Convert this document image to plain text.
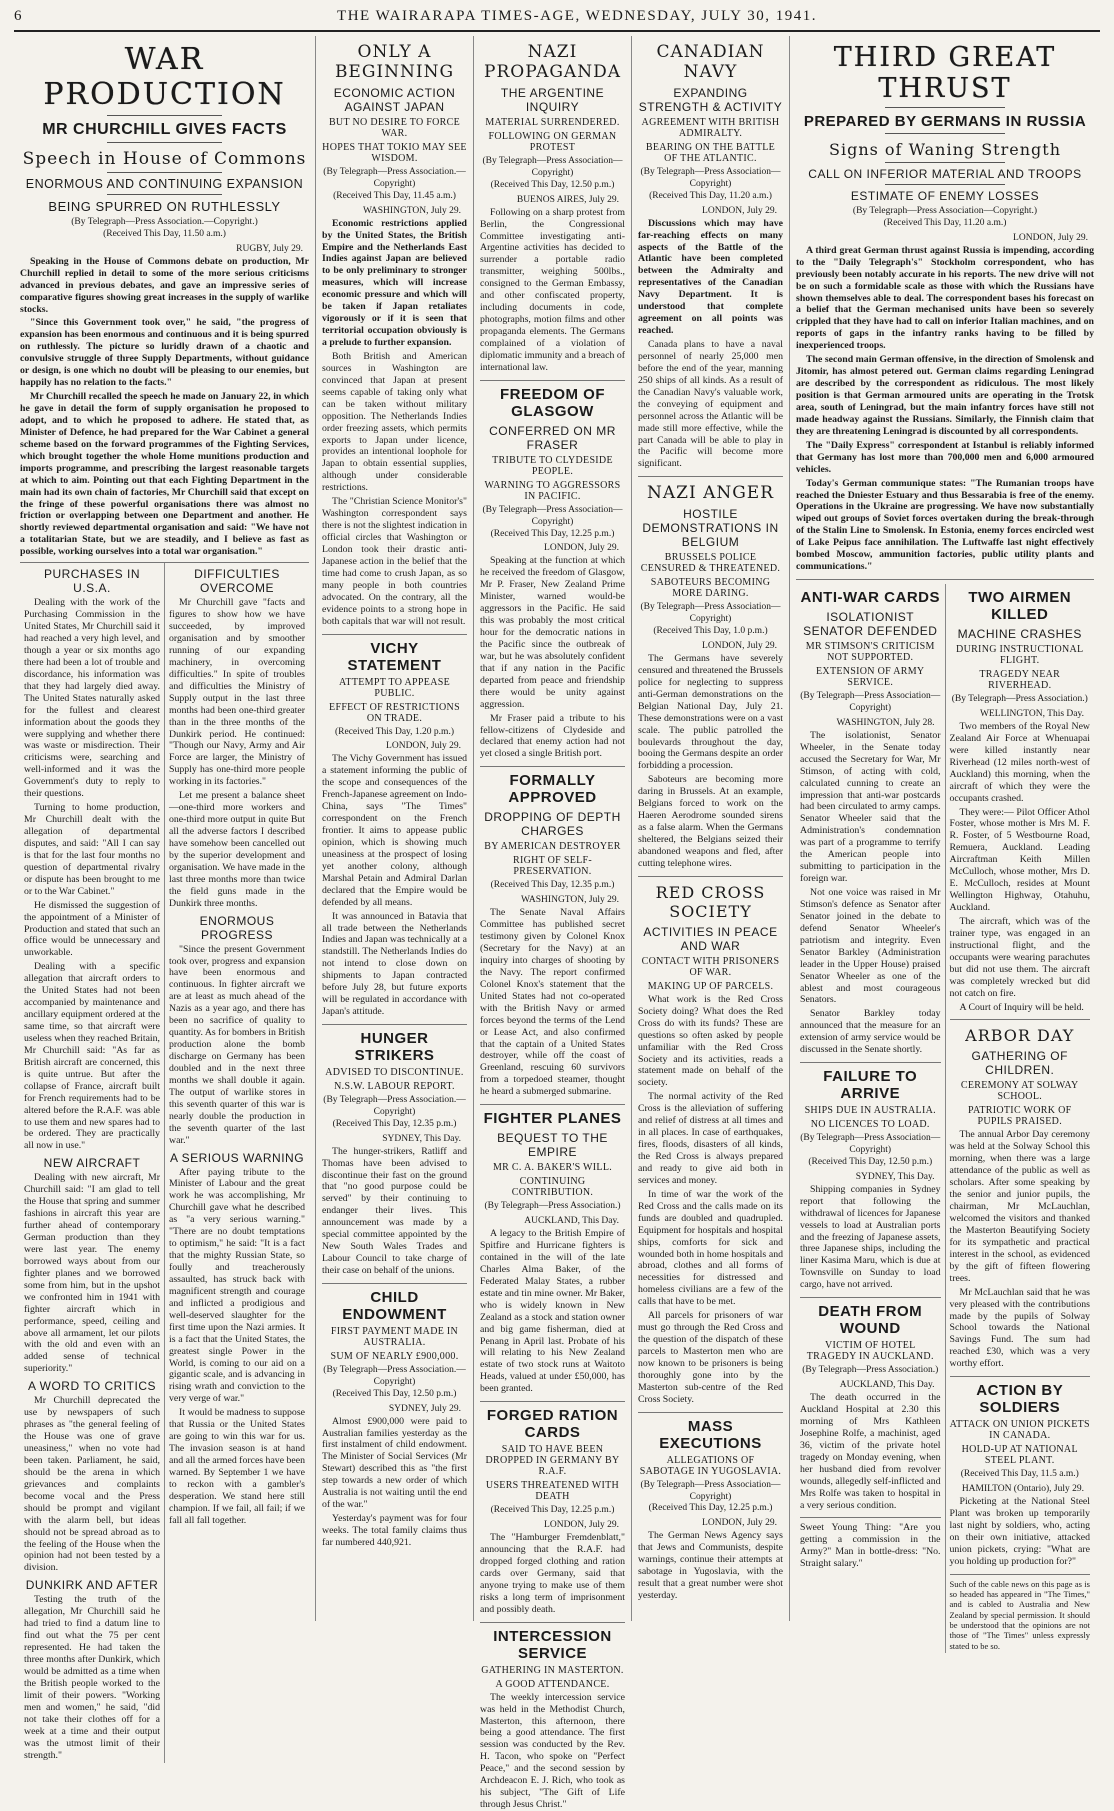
6	THE WAIRARAPA TIMES-AGE, WEDNESDAY, JULY 30, 1941.
WAR PRODUCTION
MR CHURCHILL GIVES FACTS
Speech in House of Commons
ENORMOUS AND CONTINUING EXPANSION
BEING SPURRED ON RUTHLESSLY
(By Telegraph—Press Association.—Copyright.)
(Received This Day, 11.50 a.m.)
RUGBY, July 29.

Speaking in the House of Commons debate on production, Mr Churchill replied in detail to some of the more serious criticisms advanced in previous debates, and gave an impressive series of comparative figures showing great increases in the supply of warlike stocks.

"Since this Government took over," he said, "the progress of expansion has been enormous and continuous and it is being spurred on ruthlessly. The picture so luridly drawn of a chaotic and convulsive struggle of three Supply Departments, without guidance or design, is one which no doubt will be pleasing to our enemies, but happily has no relation to the facts."

Mr Churchill recalled the speech he made on January 22, in which he gave in detail the form of supply organisation he proposed to adopt, and to which he proposed to adhere. He stated that, as Minister of Defence, he had prepared for the War Cabinet a general scheme based on the forward programmes of the Fighting Services, which brought together the whole Home munitions production and imports programme, and prescribing the largest reasonable targets at which to aim. Pointing out that each Fighting Department in the main had its own chain of factories, Mr Churchill said that except on the fringe of these powerful organisations there was almost no friction or overlapping between one Department and another. He shortly reviewed departmental organisation and said: "We have not a totalitarian State, but we are steadily, and I believe as fast as possible, working ourselves into a total war organisation."

PURCHASES IN U.S.A.

Dealing with the work of the Purchasing Commission in the United States, Mr Churchill said it had reached a very high level, and though a year or six months ago there had been a lot of trouble and discordance, his information was that they had largely died away. The United States naturally asked for the fullest and clearest information about the goods they were supplying and whether there was waste or misdirection. Their criticisms were, searching and well-informed and it was the Government's duty to reply to their questions.

Turning to home production, Mr Churchill dealt with the allegation of departmental disputes, and said: "All I can say is that for the last four months no question of departmental rivalry or dispute has been brought to me or to the War Cabinet."

He dismissed the suggestion of the appointment of a Minister of Production and stated that such an office would be unnecessary and unworkable.

Dealing with a specific allegation that aircraft orders to the United States had not been accompanied by maintenance and ancillary equipment ordered at the same time, so that aircraft were useless when they reached Britain, Mr Churchill said: "As far as British aircraft are concerned, this is quite untrue. But after the collapse of France, aircraft built for French requirements had to be altered before the R.A.F. was able to use them and new spares had to be ordered. They are practically all now in use."

NEW AIRCRAFT

Dealing with new aircraft, Mr Churchill said: "I am glad to tell the House that spring and summer fashions in aircraft this year are further ahead of contemporary German production than they were last year. The enemy borrowed ways about from our fighter planes and we borrowed some from him, but in the upshot we confronted him in 1941 with fighter aircraft which in performance, speed, ceiling and above all armament, let our pilots with the old and even with an added sense of technical superiority."

A WORD TO CRITICS

Mr Churchill deprecated the use by newspapers of such phrases as "the general feeling of the House was one of grave uneasiness," when no vote had been taken. Parliament, he said, should be the arena in which grievances and complaints become vocal and the Press should be prompt and vigilant with the alarm bell, but ideas should not be spread abroad as to the feeling of the House when the opinion had not been tested by a division.

DUNKIRK AND AFTER

Testing the truth of the allegation, Mr Churchill said he had tried to find a datum line to find out what the 75 per cent represented. He had taken the three months after Dunkirk, which would be admitted as a time when the British people worked to the limit of their powers. "Working men and women," he said, "did not take their clothes off for a week at a time and their output was the utmost limit of their strength."

DIFFICULTIES OVERCOME

Mr Churchill gave "facts and figures to show how we have succeeded, by improved organisation and by smoother running of our expanding machinery, in overcoming difficulties." In spite of troubles and difficulties the Ministry of Supply output in the last three months had been one-third greater than in the three months of the Dunkirk period. He continued: "Though our Navy, Army and Air Force are larger, the Ministry of Supply has one-third more people working in its factories."

Let me present a balance sheet—one-third more workers and one-third more output in quite But all the adverse factors I described have somehow been cancelled out by the superior development and organisation. We have made in the last three months more than twice the field guns made in the Dunkirk three months.

ENORMOUS PROGRESS

"Since the present Government took over, progress and expansion have been enormous and continuous. In fighter aircraft we are at least as much ahead of the Nazis as a year ago, and there has been no sacrifice of quality to quantity. As for bombers in British production alone the bomb discharge on Germany has been doubled and in the next three months we shall double it again. The output of warlike stores in this seventh quarter of this war is nearly double the production in the seventh quarter of the last war."

A SERIOUS WARNING

After paying tribute to the Minister of Labour and the great work he was accomplishing, Mr Churchill gave what he described as "a very serious warning." "There are no doubt temptations to optimism," he said: "It is a fact that the mighty Russian State, so foully and treacherously assaulted, has struck back with magnificent strength and courage and inflicted a prodigious and well-deserved slaughter for the first time upon the Nazi armies. It is a fact that the United States, the greatest single Power in the World, is coming to our aid on a gigantic scale, and is advancing in rising wrath and conviction to the very verge of war."

It would be madness to suppose that Russia or the United States are going to win this war for us. The invasion season is at hand and all the armed forces have been warned. By September 1 we have to reckon with a gambler's desperation. We stand here still champion. If we fail, all fail; if we fall all fall together.

ONLY A BEGINNING
ECONOMIC ACTION AGAINST JAPAN
BUT NO DESIRE TO FORCE WAR.
HOPES THAT TOKIO MAY SEE WISDOM.
(By Telegraph—Press Association.—Copyright)
(Received This Day, 11.45 a.m.)
WASHINGTON, July 29.

Economic restrictions applied by the United States, the British Empire and the Netherlands East Indies against Japan are believed to be only preliminary to stronger measures, which will increase economic pressure and which will be taken if Japan retaliates vigorously or if it is seen that territorial occupation obviously is a prelude to further expansion.

Both British and American sources in Washington are convinced that Japan at present seems capable of taking only what can be taken without military opposition. The Netherlands Indies order freezing assets, which permits exports to Japan under licence, provides an intentional loophole for Japan to obtain essential supplies, although under considerable restrictions.

The "Christian Science Monitor's" Washington correspondent says there is not the slightest indication in official circles that Washington or London took their drastic anti-Japanese action in the belief that the time had come to crush Japan, as so many people in both countries advocated. On the contrary, all the evidence points to a strong hope in both capitals that war will not result.

VICHY STATEMENT
ATTEMPT TO APPEASE PUBLIC.
EFFECT OF RESTRICTIONS ON TRADE.
(Received This Day, 1.20 p.m.)
LONDON, July 29.

The Vichy Government has issued a statement informing the public of the scope and consequences of the French-Japanese agreement on Indo-China, says "The Times" correspondent on the French frontier. It aims to appease public opinion, which is showing much uneasiness at the prospect of losing yet another colony, although Marshal Petain and Admiral Darlan declared that the Empire would be defended by all means.

It was announced in Batavia that all trade between the Netherlands Indies and Japan was technically at a standstill. The Netherlands Indies do not intend to close down on shipments to Japan contracted before July 28, but future exports will be regulated in accordance with Japan's attitude.

HUNGER STRIKERS
ADVISED TO DISCONTINUE.
N.S.W. LABOUR REPORT.
(By Telegraph—Press Association.—Copyright)
(Received This Day, 12.35 p.m.)
SYDNEY, This Day.

The hunger-strikers, Ratliff and Thomas have been advised to discontinue their fast on the ground that "no good purpose could be served" by their continuing to endanger their lives. This announcement was made by a special committee appointed by the New South Wales Trades and Labour Council to take charge of their case on behalf of the unions.

CHILD ENDOWMENT
FIRST PAYMENT MADE IN AUSTRALIA.
SUM OF NEARLY £900,000.
(By Telegraph—Press Association.—Copyright)
(Received This Day, 12.50 p.m.)
SYDNEY, July 29.

Almost £900,000 were paid to Australian families yesterday as the first instalment of child endowment. The Minister of Social Services (Mr Stewart) described this as "the first step towards a new order of which Australia is not waiting until the end of the war."

Yesterday's payment was for four weeks. The total family claims thus far numbered 440,921.

NAZI PROPAGANDA
THE ARGENTINE INQUIRY
MATERIAL SURRENDERED.
FOLLOWING ON GERMAN PROTEST
(By Telegraph—Press Association—Copyright)
(Received This Day, 12.50 p.m.)
BUENOS AIRES, July 29.

Following on a sharp protest from Berlin, the Congressional Committee investigating anti-Argentine activities has decided to surrender a portable radio transmitter, weighing 500lbs., consigned to the German Embassy, and other confiscated property, including documents in code, photographs, motion films and other propaganda elements. The Germans complained of a violation of diplomatic immunity and a breach of international law.

FREEDOM OF GLASGOW
CONFERRED ON MR FRASER
TRIBUTE TO CLYDESIDE PEOPLE.
WARNING TO AGGRESSORS IN PACIFIC.
(By Telegraph—Press Association—Copyright)
(Received This Day, 12.25 p.m.)
LONDON, July 29.

Speaking at the function at which he received the freedom of Glasgow, Mr P. Fraser, New Zealand Prime Minister, warned would-be aggressors in the Pacific. He said this was probably the most critical hour for the democratic nations in the Pacific since the outbreak of war, but he was absolutely confident that if any nation in the Pacific departed from peace and friendship there would be unity against aggression.

Mr Fraser paid a tribute to his fellow-citizens of Clydeside and declared that enemy action had not yet closed a single British port.

FORMALLY APPROVED
DROPPING OF DEPTH CHARGES
BY AMERICAN DESTROYER
RIGHT OF SELF-PRESERVATION.
(Received This Day, 12.35 p.m.)
WASHINGTON, July 29.

The Senate Naval Affairs Committee has published secret testimony given by Colonel Knox (Secretary for the Navy) at an inquiry into charges of shooting by the Navy. The report confirmed Colonel Knox's statement that the United States had not co-operated with the British Navy or armed forces beyond the terms of the Lend or Lease Act, and also confirmed that the captain of a United States destroyer, while off the coast of Greenland, rescuing 60 survivors from a torpedoed steamer, thought he heard a submerged submarine.

FIGHTER PLANES
BEQUEST TO THE EMPIRE
MR C. A. BAKER'S WILL.
CONTINUING CONTRIBUTION.
(By Telegraph—Press Association.)
AUCKLAND, This Day.

A legacy to the British Empire of Spitfire and Hurricane fighters is contained in the will of the late Charles Alma Baker, of the Federated Malay States, a rubber estate and tin mine owner. Mr Baker, who is widely known in New Zealand as a stock and station owner and big game fisherman, died at Penang in April last. Probate of his will relating to his New Zealand estate of two stock runs at Waitoto Heads, valued at under £50,000, has been granted.

FORGED RATION CARDS
SAID TO HAVE BEEN DROPPED IN GERMANY BY R.A.F.
USERS THREATENED WITH DEATH
(Received This Day, 12.25 p.m.)
LONDON, July 29.

The "Hamburger Fremdenblatt," announcing that the R.A.F. had dropped forged clothing and ration cards over Germany, said that anyone trying to make use of them risks a long term of imprisonment and possibly death.

INTERCESSION SERVICE
GATHERING IN MASTERTON.
A GOOD ATTENDANCE.

The weekly intercession service was held in the Methodist Church, Masterton, this afternoon, there being a good attendance. The first session was conducted by the Rev. H. Tacon, who spoke on "Perfect Peace," and the second session by Archdeacon E. J. Rich, who took as his subject, "The Gift of Life through Jesus Christ."

CANADIAN NAVY
EXPANDING STRENGTH & ACTIVITY
AGREEMENT WITH BRITISH ADMIRALTY.
BEARING ON THE BATTLE OF THE ATLANTIC.
(By Telegraph—Press Association—Copyright)
(Received This Day, 11.20 a.m.)
LONDON, July 29.

Discussions which may have far-reaching effects on many aspects of the Battle of the Atlantic have been completed between the Admiralty and representatives of the Canadian Navy Department. It is understood that complete agreement on all points was reached.

Canada plans to have a naval personnel of nearly 25,000 men before the end of the year, manning 250 ships of all kinds. As a result of the Canadian Navy's valuable work, the conveying of equipment and personnel across the Atlantic will be made still more effective, while the part Canada will be able to play in the Pacific will become more significant.

NAZI ANGER
HOSTILE DEMONSTRATIONS IN BELGIUM
BRUSSELS POLICE CENSURED & THREATENED.
SABOTEURS BECOMING MORE DARING.
(By Telegraph—Press Association—Copyright)
(Received This Day, 1.0 p.m.)
LONDON, July 29.

The Germans have severely censured and threatened the Brussels police for neglecting to suppress anti-German demonstrations on the Belgian National Day, July 21. These demonstrations were on a vast scale. The public patrolled the boulevards throughout the day, booing the Germans despite an order forbidding a procession.

Saboteurs are becoming more daring in Brussels. At an example, Belgians forced to work on the Haeren Aerodrome sounded sirens as a false alarm. When the Germans sheltered, the Belgians seized their abandoned weapons and fled, after cutting telephone wires.

RED CROSS SOCIETY
ACTIVITIES IN PEACE AND WAR
CONTACT WITH PRISONERS OF WAR.
MAKING UP OF PARCELS.

What work is the Red Cross Society doing? What does the Red Cross do with its funds? These are questions so often asked by people unfamiliar with the Red Cross Society and its activities, reads a statement made on behalf of the society.

The normal activity of the Red Cross is the alleviation of suffering and relief of distress at all times and in all places. In case of earthquakes, fires, floods, disasters of all kinds, the Red Cross is always prepared and ready to give aid both in services and money.

In time of war the work of the Red Cross and the calls made on its funds are doubled and quadrupled. Equipment for hospitals and hospital ships, comforts for sick and wounded both in home hospitals and abroad, clothes and all forms of necessities for distressed and homeless civilians are a few of the calls that have to be met.

All parcels for prisoners of war must go through the Red Cross and the question of the dispatch of these parcels to Masterton men who are now known to be prisoners is being thoroughly gone into by the Masterton sub-centre of the Red Cross Society.

MASS EXECUTIONS
ALLEGATIONS OF SABOTAGE IN YUGOSLAVIA.
(By Telegraph—Press Association—Copyright)
(Received This Day, 12.25 p.m.)
LONDON, July 29.

The German News Agency says that Jews and Communists, despite warnings, continue their attempts at sabotage in Yugoslavia, with the result that a great number were shot yesterday.

THIRD GREAT THRUST
PREPARED BY GERMANS IN RUSSIA
Signs of Waning Strength
CALL ON INFERIOR MATERIAL AND TROOPS
ESTIMATE OF ENEMY LOSSES
(By Telegraph—Press Association—Copyright.)
(Received This Day, 11.20 a.m.)
LONDON, July 29.

A third great German thrust against Russia is impending, according to the "Daily Telegraph's" Stockholm correspondent, who has previously been notably accurate in his reports. The new drive will not be on such a formidable scale as those with which the Russians have shown themselves able to deal. The correspondent bases his forecast on a belief that the German mechanised units have been so severely crippled that they have had to call on inferior Italian machines, and on reports of gaps in the infantry ranks having to be filled by inexperienced troops.

The second main German offensive, in the direction of Smolensk and Jitomir, has almost petered out. German claims regarding Leningrad are described by the correspondent as ridiculous. The most likely position is that German armoured units are operating in the Trotsk area, south of Leningrad, but the main infantry forces have still not made headway against the Russians. Similarly, the Finnish claim that they are threatening Leningrad is discounted by all correspondents.

The "Daily Express" correspondent at Istanbul is reliably informed that Germany has lost more than 700,000 men and 6,000 armoured vehicles.

Today's German communique states: "The Rumanian troops have reached the Dniester Estuary and thus Bessarabia is free of the enemy. Operations in the Ukraine are progressing. We have now substantially wiped out groups of Soviet forces overtaken during the break-through of the Stalin Line to Smolensk. In Estonia, enemy forces encircled west of Lake Peipus face annihilation. The Luftwaffe last night effectively bombed Moscow, ammunition factories, public utility plants and communications."

ANTI-WAR CARDS
ISOLATIONIST SENATOR DEFENDED
MR STIMSON'S CRITICISM NOT SUPPORTED.
EXTENSION OF ARMY SERVICE.
(By Telegraph—Press Association—Copyright)
WASHINGTON, July 28.

The isolationist, Senator Wheeler, in the Senate today accused the Secretary for War, Mr Stimson, of acting with cold, calculated cunning to create an impression that anti-war postcards had been circulated to army camps. Senator Wheeler said that the Administration's condemnation was part of a programme to terrify the American people into submitting to participation in the foreign war.

Not one voice was raised in Mr Stimson's defence as Senator after Senator joined in the debate to defend Senator Wheeler's patriotism and integrity. Even Senator Barkley (Administration leader in the Upper House) praised Senator Wheeler as one of the ablest and most courageous Senators.

Senator Barkley today announced that the measure for an extension of army service would be discussed in the Senate shortly.

FAILURE TO ARRIVE
SHIPS DUE IN AUSTRALIA.
NO LICENCES TO LOAD.
(By Telegraph—Press Association—Copyright)
(Received This Day, 12.50 p.m.)
SYDNEY, This Day.

Shipping companies in Sydney report that following the withdrawal of licences for Japanese vessels to load at Australian ports and the freezing of Japanese assets, three Japanese ships, including the liner Kasima Maru, which is due at Townsville on Sunday to load cargo, have not arrived.

DEATH FROM WOUND
VICTIM OF HOTEL TRAGEDY IN AUCKLAND.
(By Telegraph—Press Association.)
AUCKLAND, This Day.

The death occurred in the Auckland Hospital at 2.30 this morning of Mrs Kathleen Josephine Rolfe, a machinist, aged 36, victim of the private hotel tragedy on Monday evening, when her husband died from revolver wounds, allegedly self-inflicted and Mrs Rolfe was taken to hospital in a very serious condition.

Sweet Young Thing: "Are you getting a commission in the Army?" Man in bottle-dress: "No. Straight salary."

TWO AIRMEN KILLED
MACHINE CRASHES
DURING INSTRUCTIONAL FLIGHT.
TRAGEDY NEAR RIVERHEAD.
(By Telegraph—Press Association.)
WELLINGTON, This Day.

Two members of the Royal New Zealand Air Force at Whenuapai were killed instantly near Riverhead (12 miles north-west of Auckland) this morning, when the aircraft of which they were the occupants crashed.

They were:— Pilot Officer Athol Foster, whose mother is Mrs M. F. R. Foster, of 5 Westbourne Road, Remuera, Auckland. Leading Aircraftman Keith Millen McCulloch, whose mother, Mrs D. E. McCulloch, resides at Mount Wellington Highway, Otahuhu, Auckland.

The aircraft, which was of the trainer type, was engaged in an instructional flight, and the occupants were wearing parachutes but did not use them. The aircraft was completely wrecked but did not catch on fire.

A Court of Inquiry will be held.

ARBOR DAY
GATHERING OF CHILDREN.
CEREMONY AT SOLWAY SCHOOL.
PATRIOTIC WORK OF PUPILS PRAISED.

The annual Arbor Day ceremony was held at the Solway School this morning, when there was a large attendance of the public as well as scholars. After some speaking by the senior and junior pupils, the chairman, Mr McLauchlan, welcomed the visitors and thanked the Masterton Beautifying Society for its sympathetic and practical interest in the school, as evidenced by the gift of fifteen flowering trees.

Mr McLauchlan said that he was very pleased with the contributions made by the pupils of Solway School towards the National Savings Fund. The sum had reached £30, which was a very worthy effort.

ACTION BY SOLDIERS
ATTACK ON UNION PICKETS IN CANADA.
HOLD-UP AT NATIONAL STEEL PLANT.
(Received This Day, 11.5 a.m.)
HAMILTON (Ontario), July 29.

Picketing at the National Steel Plant was broken up temporarily last night by soldiers, who, acting on their own initiative, attacked union pickets, crying: "What are you holding up production for?"

Such of the cable news on this page as is so headed has appeared in "The Times," and is cabled to Australia and New Zealand by special permission. It should be understood that the opinions are not those of "The Times" unless expressly stated to be so.
